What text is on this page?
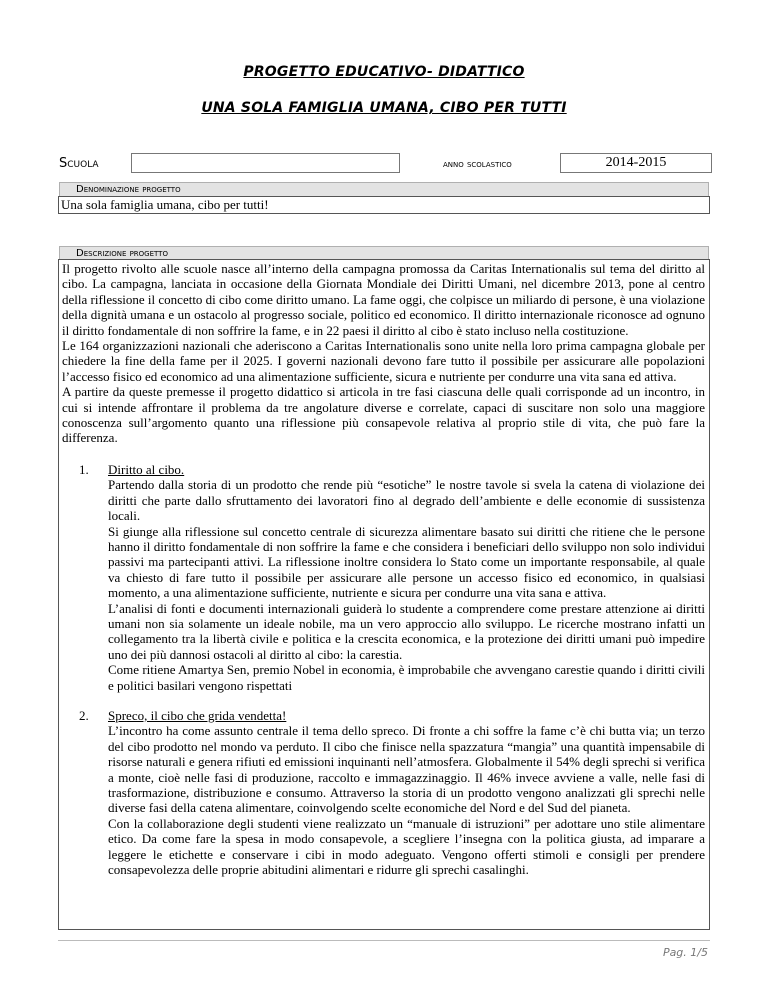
PROGETTO EDUCATIVO- DIDATTICO
UNA SOLA FAMIGLIA UMANA, CIBO PER TUTTI
Scuola	anno scolastico	2014-2015
Denominazione progetto
Una sola famiglia umana, cibo per tutti!
Descrizione progetto

Il progetto rivolto alle scuole nasce all’interno della campagna promossa da Caritas Internationalis sul tema del diritto al cibo. La campagna, lanciata in occasione della Giornata Mondiale dei Diritti Umani, nel dicembre 2013, pone al centro della riflessione il concetto di cibo come diritto umano. La fame oggi, che colpisce un miliardo di persone, è una violazione della dignità umana e un ostacolo al progresso sociale, politico ed economico. Il diritto internazionale riconosce ad ognuno il diritto fondamentale di non soffrire la fame, e in 22 paesi il diritto al cibo è stato incluso nella costituzione.

Le 164 organizzazioni nazionali che aderiscono a Caritas Internationalis sono unite nella loro prima campagna globale per chiedere la fine della fame per il 2025. I governi nazionali devono fare tutto il possibile per assicurare alle popolazioni l’accesso fisico ed economico ad una alimentazione sufficiente, sicura e nutriente per condurre una vita sana ed attiva.

A partire da queste premesse il progetto didattico si articola in tre fasi ciascuna delle quali corrisponde ad un incontro, in cui si intende affrontare il problema da tre angolature diverse e correlate, capaci di suscitare non solo una maggiore conoscenza sull’argomento quanto una riflessione più consapevole relativa al proprio stile di vita, che può fare la differenza.

1. Diritto al cibo.

Partendo dalla storia di un prodotto che rende più “esotiche” le nostre tavole si svela la catena di violazione dei diritti che parte dallo sfruttamento dei lavoratori fino al degrado dell’ambiente e delle economie di sussistenza locali.

Si giunge alla riflessione sul concetto centrale di sicurezza alimentare basato sui diritti che ritiene che le persone hanno il diritto fondamentale di non soffrire la fame e che considera i beneficiari dello sviluppo non solo individui passivi ma partecipanti attivi. La riflessione inoltre considera lo Stato come un importante responsabile, al quale va chiesto di fare tutto il possibile per assicurare alle persone un accesso fisico ed economico, in qualsiasi momento, a una alimentazione sufficiente, nutriente e sicura per condurre una vita sana e attiva.

L’analisi di fonti e documenti internazionali guiderà lo studente a comprendere come prestare attenzione ai diritti umani non sia solamente un ideale nobile, ma un vero approccio allo sviluppo. Le ricerche mostrano infatti un collegamento tra la libertà civile e politica e la crescita economica, e la protezione dei diritti umani può impedire uno dei più dannosi ostacoli al diritto al cibo: la carestia.

Come ritiene Amartya Sen, premio Nobel in economia, è improbabile che avvengano carestie quando i diritti civili e politici basilari vengono rispettati

2. Spreco, il cibo che grida vendetta!

L’incontro ha come assunto centrale il tema dello spreco. Di fronte a chi soffre la fame c’è chi butta via; un terzo del cibo prodotto nel mondo va perduto. Il cibo che finisce nella spazzatura “mangia” una quantità impensabile di risorse naturali e genera rifiuti ed emissioni inquinanti nell’atmosfera. Globalmente il 54% degli sprechi si verifica a monte, cioè nelle fasi di produzione, raccolto e immagazzinaggio. Il 46% invece avviene a valle, nelle fasi di trasformazione, distribuzione e consumo. Attraverso la storia di un prodotto vengono analizzati gli sprechi nelle diverse fasi della catena alimentare, coinvolgendo scelte economiche del Nord e del Sud del pianeta.

Con la collaborazione degli studenti viene realizzato un “manuale di istruzioni” per adottare uno stile alimentare etico. Da come fare la spesa in modo consapevole, a scegliere l’insegna con la politica giusta, ad imparare a leggere le etichette e conservare i cibi in modo adeguato. Vengono offerti stimoli e consigli per prendere consapevolezza delle proprie abitudini alimentari e ridurre gli sprechi casalinghi.

Pag. 1/5
